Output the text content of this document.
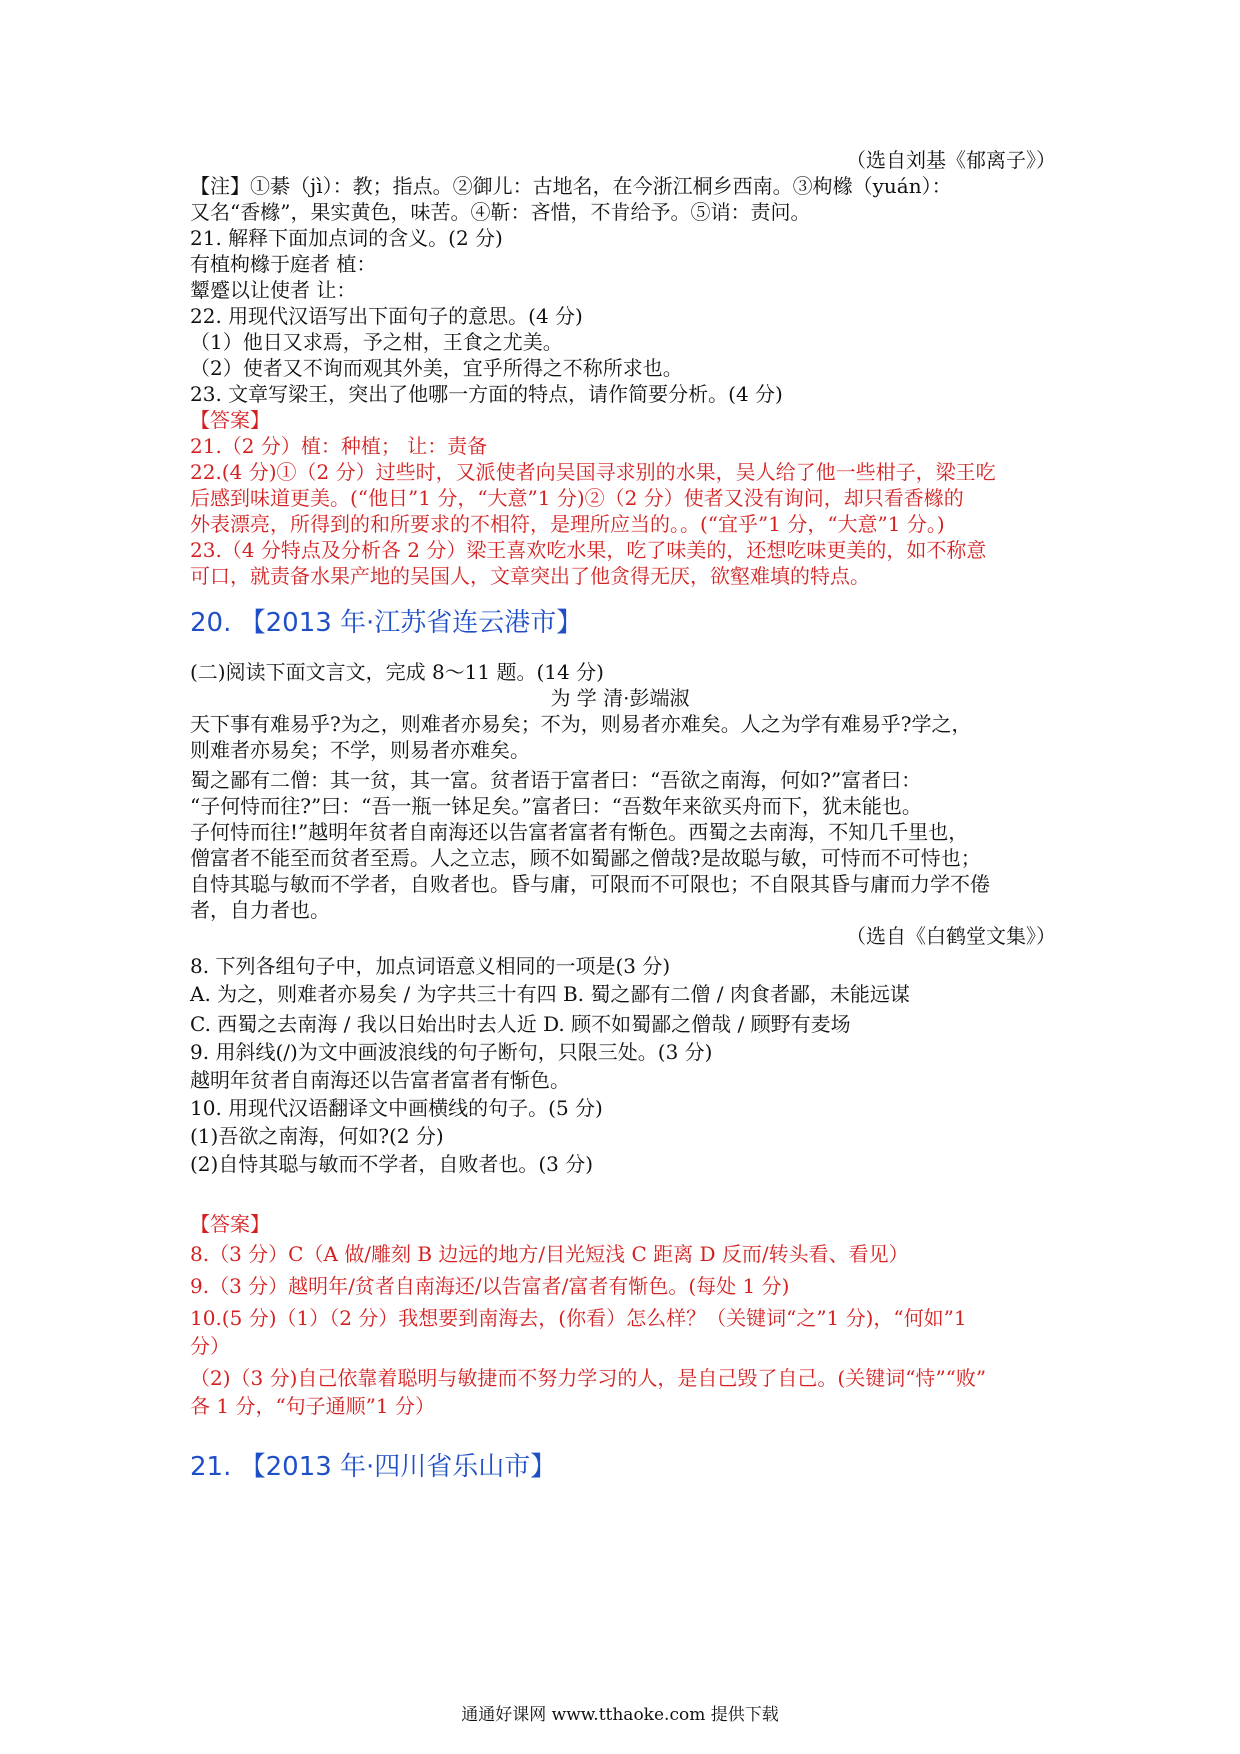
（选自刘基《郁离子》）
【注】①綦（jì）：教；指点。②御儿：古地名，在今浙江桐乡西南。③枸橼（yuán）：
又名“香橼”，果实黄色，味苦。④靳：吝惜，不肯给予。⑤诮：责问。
21. 解释下面加点词的含义。(2 分)
有植枸橼于庭者 植：
颦蹙以让使者 让：
22. 用现代汉语写出下面句子的意思。(4 分)
（1）他日又求焉，予之柑，王食之尤美。
（2）使者又不询而观其外美，宜乎所得之不称所求也。
23. 文章写梁王，突出了他哪一方面的特点，请作简要分析。(4 分)
【答案】
21.（2 分）植：种植； 让：责备
22.(4 分)①（2 分）过些时，又派使者向吴国寻求别的水果，吴人给了他一些柑子，梁王吃
后感到味道更美。(“他日”1 分，“大意”1 分)②（2 分）使者又没有询问，却只看香橼的
外表漂亮，所得到的和所要求的不相符，是理所应当的。。(“宜乎”1 分，“大意”1 分。)
23.（4 分特点及分析各 2 分）梁王喜欢吃水果，吃了味美的，还想吃味更美的，如不称意
可口，就责备水果产地的吴国人，文章突出了他贪得无厌，欲壑难填的特点。
20. 【2013 年·江苏省连云港市】
(二)阅读下面文言文，完成 8～11 题。(14 分)
为 学 清·彭端淑
天下事有难易乎?为之，则难者亦易矣；不为，则易者亦难矣。人之为学有难易乎?学之，
则难者亦易矣；不学，则易者亦难矣。
蜀之鄙有二僧：其一贫，其一富。贫者语于富者曰：“吾欲之南海，何如?”富者曰：
“子何恃而往?”曰：“吾一瓶一钵足矣。”富者曰：“吾数年来欲买舟而下，犹未能也。
子何恃而往!”越明年贫者自南海还以告富者富者有惭色。西蜀之去南海，不知几千里也，
僧富者不能至而贫者至焉。人之立志，顾不如蜀鄙之僧哉?是故聪与敏，可恃而不可恃也；
自恃其聪与敏而不学者，自败者也。昏与庸，可限而不可限也；不自限其昏与庸而力学不倦
者，自力者也。
（选自《白鹤堂文集》）
8. 下列各组句子中，加点词语意义相同的一项是(3 分)
A. 为之，则难者亦易矣 / 为字共三十有四 B. 蜀之鄙有二僧 / 肉食者鄙，未能远谋
C. 西蜀之去南海 / 我以日始出时去人近 D. 顾不如蜀鄙之僧哉 / 顾野有麦场
9. 用斜线(/)为文中画波浪线的句子断句，只限三处。(3 分)
越明年贫者自南海还以告富者富者有惭色。
10. 用现代汉语翻译文中画横线的句子。(5 分)
(1)吾欲之南海，何如?(2 分)
(2)自恃其聪与敏而不学者，自败者也。(3 分)
【答案】
8.（3 分）C（A 做/雕刻 B 边远的地方/目光短浅 C 距离 D 反而/转头看、看见）
9.（3 分）越明年/贫者自南海还/以告富者/富者有惭色。(每处 1 分)
10.(5 分)（1）（2 分）我想要到南海去，(你看）怎么样？（关键词“之”1 分)，“何如”1
分）
（2)（3 分)自己依靠着聪明与敏捷而不努力学习的人，是自己毁了自己。(关键词“恃”“败”
各 1 分，“句子通顺”1 分）
21. 【2013 年·四川省乐山市】
通通好课网 www.tthaoke.com 提供下载
